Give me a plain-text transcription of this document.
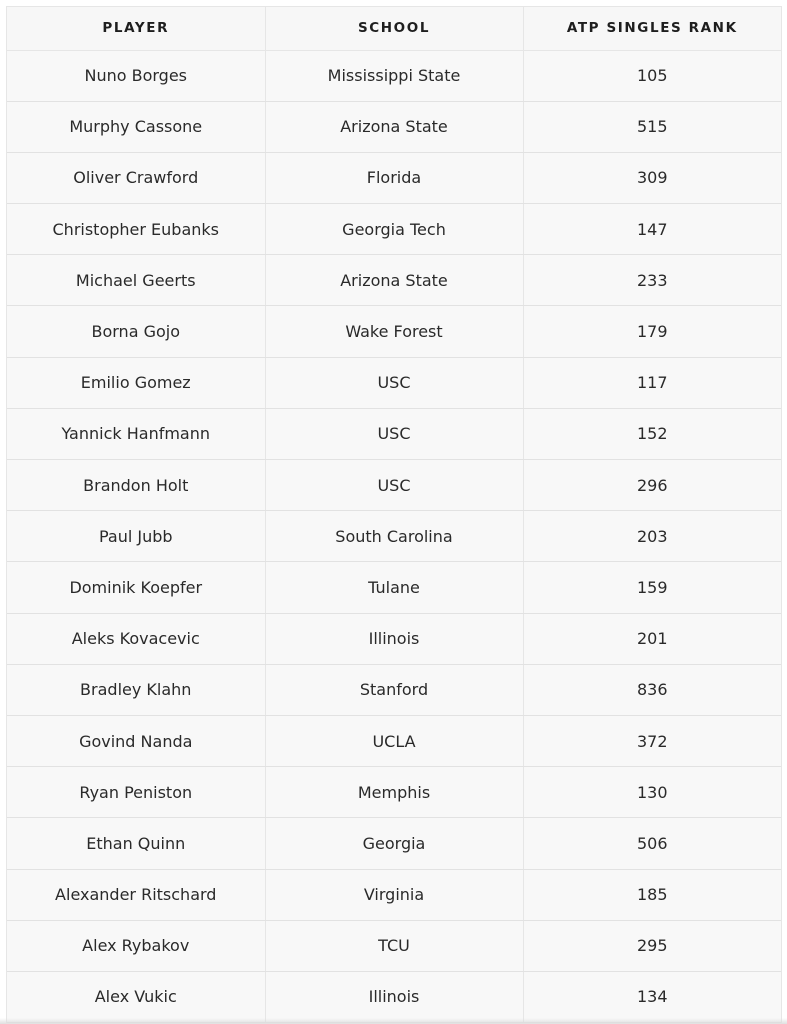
PLAYER	SCHOOL	ATP SINGLES RANK
Nuno Borges	Mississippi State	105
Murphy Cassone	Arizona State	515
Oliver Crawford	Florida	309
Christopher Eubanks	Georgia Tech	147
Michael Geerts	Arizona State	233
Borna Gojo	Wake Forest	179
Emilio Gomez	USC	117
Yannick Hanfmann	USC	152
Brandon Holt	USC	296
Paul Jubb	South Carolina	203
Dominik Koepfer	Tulane	159
Aleks Kovacevic	Illinois	201
Bradley Klahn	Stanford	836
Govind Nanda	UCLA	372
Ryan Peniston	Memphis	130
Ethan Quinn	Georgia	506
Alexander Ritschard	Virginia	185
Alex Rybakov	TCU	295
Alex Vukic	Illinois	134
